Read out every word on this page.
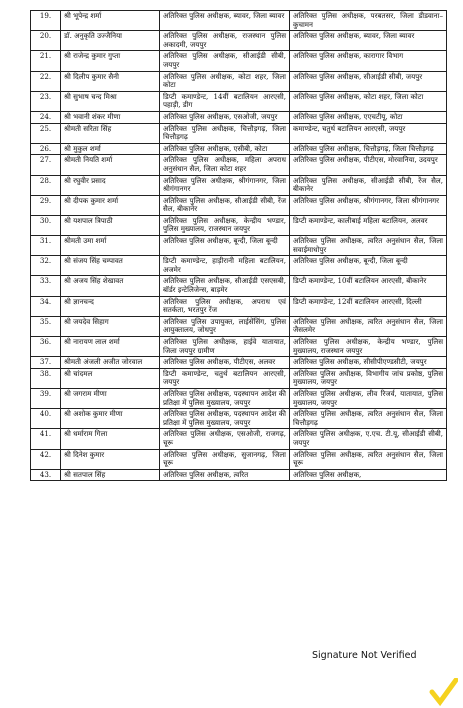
19.	श्री भूपेन्द्र शर्मा	अतिरिक्त पुलिस अधीक्षक, ब्यावर, जिला ब्यावर	अतिरिक्त पुलिस अधीक्षक, परबतसर, जिला डीडवाना–कुचामन
20.	डॉ. अनुकृति उज्जैनिया	अतिरिक्त पुलिस अधीक्षक, राजस्थान पुलिस अकादमी, जयपुर	अतिरिक्त पुलिस अधीक्षक, ब्यावर, जिला ब्यावर
21.	श्री राजेन्द्र कुमार गुप्ता	अतिरिक्त पुलिस अधीक्षक, सीआईडी सीबी, जयपुर	अतिरिक्त पुलिस अधीक्षक, कारागार विभाग
22.	श्री दिलीप कुमार सैनी	अतिरिक्त पुलिस अधीक्षक, कोटा शहर, जिला कोटा	अतिरिक्त पुलिस अधीक्षक, सीआईडी सीबी, जयपुर
23.	श्री सुभाष चन्द मिश्रा	डिप्टी कमाण्डेन्ट, 14वीं बटालियन आरएसी, पहाड़ी, डीग	अतिरिक्त पुलिस अधीक्षक, कोटा शहर, जिला कोटा
24.	श्री भवानी शंकर मीणा	अतिरिक्त पुलिस अधीक्षक, एसओजी, जयपुर	अतिरिक्त पुलिस अधीक्षक, एएचटीयू, कोटा
25.	श्रीमती सरिता सिंह	अतिरिक्त पुलिस अधीक्षक, चित्तौड़गढ़, जिला चित्तौड़गढ़	कमाण्डेन्ट, चतुर्थ बटालियन आरएसी, जयपुर
26.	श्री मुकुल शर्मा	अतिरिक्त पुलिस अधीक्षक, एसीबी, कोटा	अतिरिक्त पुलिस अधीक्षक, चित्तौड़गढ़, जिला चित्तौड़गढ़
27.	श्रीमती नियति शर्मा	अतिरिक्त पुलिस अधीक्षक, महिला अपराध अनुसंधान सैल, जिला कोटा शहर	अतिरिक्त पुलिस अधीक्षक, पीटीएस, मोरवानिया, उदयपुर
28.	श्री रघुवीर प्रसाद	अतिरिक्त पुलिस अधीक्षक, श्रीगंगानगर, जिला श्रीगंगानगर	अतिरिक्त पुलिस अधीक्षक, सीआईडी सीबी, रेंज सैल, बीकानेर
29.	श्री दीपक कुमार शर्मा	अतिरिक्त पुलिस अधीक्षक, सीआईडी सीबी, रेंज सैल, बीकानेर	अतिरिक्त पुलिस अधीक्षक, श्रीगंगानगर, जिला श्रीगंगानगर
30.	श्री यशपाल त्रिपाठी	अतिरिक्त पुलिस अधीक्षक, केन्द्रीय भण्डार, पुलिस मुख्यालय, राजस्थान जयपुर	डिप्टी कमाण्डेन्ट, कालीबाई महिला बटालियन, अलवर
31.	श्रीमती उमा शर्मा	अतिरिक्त पुलिस अधीक्षक, बून्दी, जिला बून्दी	अतिरिक्त पुलिस अधीक्षक, त्वरित अनुसंधान सैल, जिला सवाईमाधोपुर
32.	श्री संजय सिंह चम्पावत	डिप्टी कमाण्डेन्ट, हाड़ीरानी महिला बटालियन, अजमेर	अतिरिक्त पुलिस अधीक्षक, बून्दी, जिला बून्दी
33.	श्री अजय सिंह शेखावत	अतिरिक्त पुलिस अधीक्षक, सीआईडी एसएसबी, बॉर्डर इन्टेलिजेन्स, बाड़मेर	डिप्टी कमाण्डेन्ट, 10वीं बटालियन आरएसी, बीकानेर
34.	श्री ज्ञानचन्द	अतिरिक्त पुलिस अधीक्षक, अपराध एवं सतर्कता, भरतपुर रेंज	डिप्टी कमाण्डेन्ट, 12वीं बटालियन आरएसी, दिल्ली
35.	श्री जयदेव सिहाग	अतिरिक्त पुलिस उपायुक्त, लाईसेंसिंग, पुलिस आयुक्तालय, जोधपुर	अतिरिक्त पुलिस अधीक्षक, त्वरित अनुसंधान सैल, जिला जैसलमेर
36.	श्री नारायण लाल शर्मा	अतिरिक्त पुलिस अधीक्षक, हाईवे यातायात, जिला जयपुर ग्रामीण	अतिरिक्त पुलिस अधीक्षक, केन्द्रीय भण्डार, पुलिस मुख्यालय, राजस्थान जयपुर
37.	श्रीमती अंजली अजीत जोरवाल	अतिरिक्त पुलिस अधीक्षक, पीटीएस, अलवर	अतिरिक्त पुलिस अधीक्षक, सीसीपीएण्डसीटी, जयपुर
38.	श्री चांदमल	डिप्टी कमाण्डेन्ट, चतुर्थ बटालियन आरएसी, जयपुर	अतिरिक्त पुलिस अधीक्षक, विभागीय जांच प्रकोष्ठ, पुलिस मुख्यालय, जयपुर
39.	श्री जगराम मीणा	अतिरिक्त पुलिस अधीक्षक, पदस्थापन आदेश की प्रतिक्षा में पुलिस मुख्यालय, जयपुर	अतिरिक्त पुलिस अधीक्षक, लीव रिजर्व, यातायात, पुलिस मुख्यालय, जयपुर
40.	श्री अशोक कुमार मीणा	अतिरिक्त पुलिस अधीक्षक, पदस्थापन आदेश की प्रतिक्षा में पुलिस मुख्यालय, जयपुर	अतिरिक्त पुलिस अधीक्षक, त्वरित अनुसंधान सैल, जिला चित्तौड़गढ़
41.	श्री धर्माराम गिला	अतिरिक्त पुलिस अधीक्षक, एसओजी, राजगढ़, चूरू	अतिरिक्त पुलिस अधीक्षक, ए.एच. टी.यू, सीआईडी सीबी, जयपुर
42.	श्री दिनेश कुमार	अतिरिक्त पुलिस अधीक्षक, सुजानगढ़, जिला चूरू	अतिरिक्त पुलिस अधीक्षक, त्वरित अनुसंधान सैल, जिला चूरू
43.	श्री सतपाल सिंह	अतिरिक्त पुलिस अधीक्षक, त्वरित	अतिरिक्त पुलिस अधीक्षक,
Signature Not Verified
